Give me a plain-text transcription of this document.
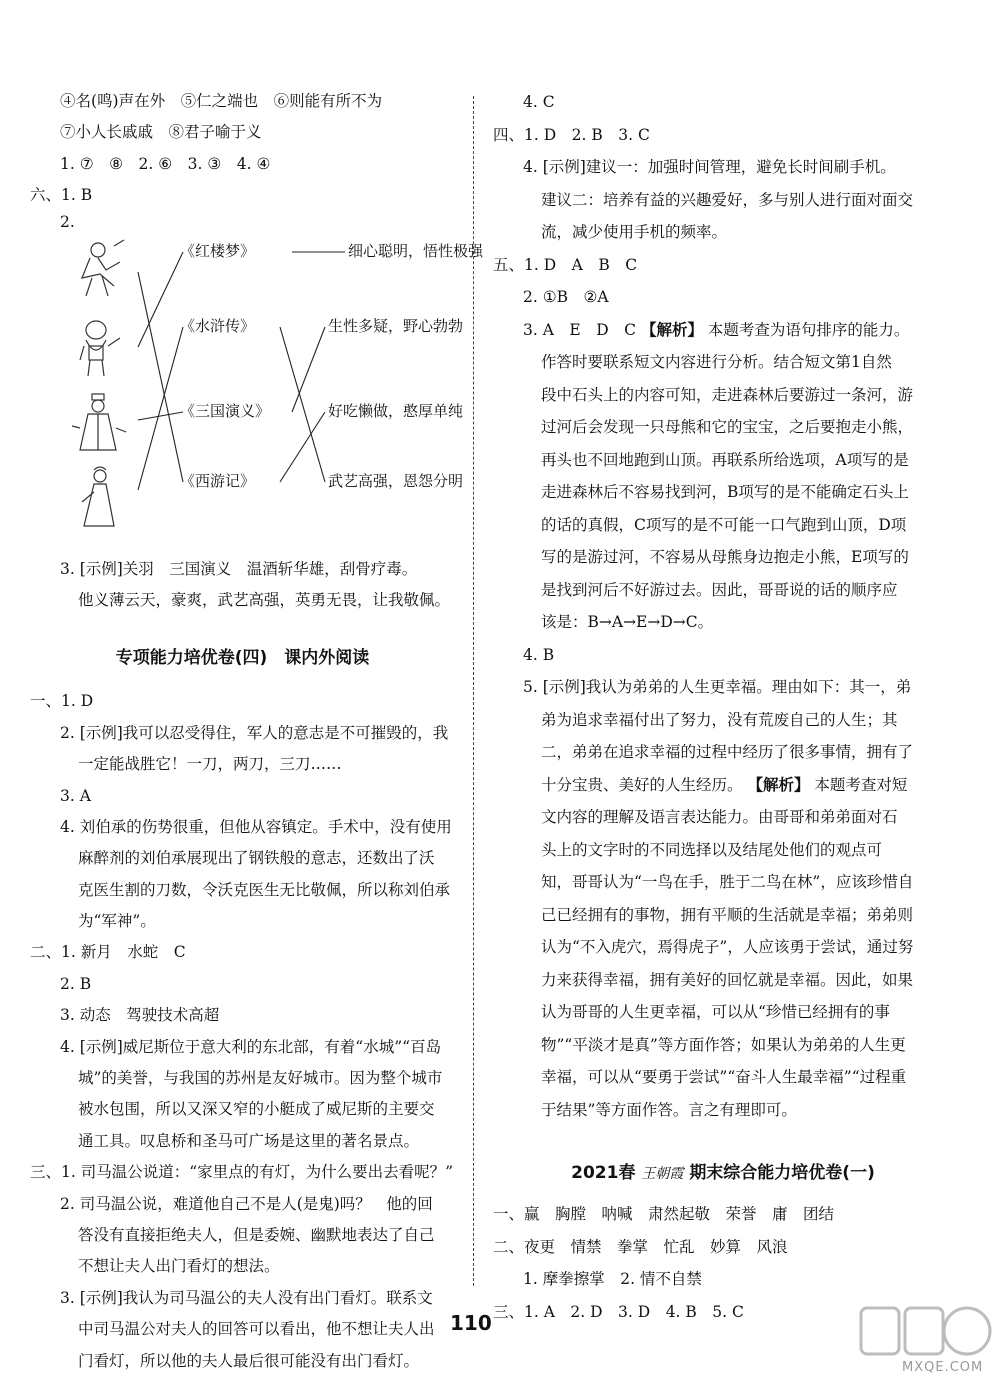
④名(鸣)声在外　⑤仁之端也　⑥则能有所不为
⑦小人长戚戚　⑧君子喻于义
1. ⑦　⑧　2. ⑥　3. ③　4. ④
六、1. B
2.
《红楼梦》
《水浒传》
《三国演义》
《西游记》
细心聪明，悟性极强
生性多疑，野心勃勃
好吃懒做，憨厚单纯
武艺高强，恩怨分明
3. [示例]关羽　三国演义　温酒斩华雄，刮骨疗毒。
他义薄云天，豪爽，武艺高强，英勇无畏，让我敬佩。
专项能力培优卷(四)　课内外阅读
一、1. D
2. [示例]我可以忍受得住，军人的意志是不可摧毁的，我
一定能战胜它！一刀，两刀，三刀……
3. A
4. 刘伯承的伤势很重，但他从容镇定。手术中，没有使用
麻醉剂的刘伯承展现出了钢铁般的意志，还数出了沃
克医生割的刀数，令沃克医生无比敬佩，所以称刘伯承
为“军神”。
二、1. 新月　水蛇　C
2. B
3. 动态　驾驶技术高超
4. [示例]威尼斯位于意大利的东北部，有着“水城”“百岛
城”的美誉，与我国的苏州是友好城市。因为整个城市
被水包围，所以又深又窄的小艇成了威尼斯的主要交
通工具。叹息桥和圣马可广场是这里的著名景点。
三、1. 司马温公说道：“家里点的有灯，为什么要出去看呢？”
2. 司马温公说，难道他自己不是人(是鬼)吗？　他的回
答没有直接拒绝夫人，但是委婉、幽默地表达了自己
不想让夫人出门看灯的想法。
3. [示例]我认为司马温公的夫人没有出门看灯。联系文
中司马温公对夫人的回答可以看出，他不想让夫人出
门看灯，所以他的夫人最后很可能没有出门看灯。
4. C
四、1. D　2. B　3. C
4. [示例]建议一：加强时间管理，避免长时间刷手机。
建议二：培养有益的兴趣爱好，多与别人进行面对面交
流，减少使用手机的频率。
五、1. D　A　B　C
2. ①B　②A
3. A　E　D　C 【解析】 本题考查为语句排序的能力。
作答时要联系短文内容进行分析。结合短文第1自然
段中石头上的内容可知，走进森林后要游过一条河，游
过河后会发现一只母熊和它的宝宝，之后要抱走小熊，
再头也不回地跑到山顶。再联系所给选项，A项写的是
走进森林后不容易找到河，B项写的是不能确定石头上
的话的真假，C项写的是不可能一口气跑到山顶，D项
写的是游过河，不容易从母熊身边抱走小熊，E项写的
是找到河后不好游过去。因此，哥哥说的话的顺序应
该是：B→A→E→D→C。
4. B
5. [示例]我认为弟弟的人生更幸福。理由如下：其一，弟
弟为追求幸福付出了努力，没有荒废自己的人生；其
二，弟弟在追求幸福的过程中经历了很多事情，拥有了
十分宝贵、美好的人生经历。 【解析】 本题考查对短
文内容的理解及语言表达能力。由哥哥和弟弟面对石
头上的文字时的不同选择以及结尾处他们的观点可
知，哥哥认为“一鸟在手，胜于二鸟在林”，应该珍惜自
己已经拥有的事物，拥有平顺的生活就是幸福；弟弟则
认为“不入虎穴，焉得虎子”，人应该勇于尝试，通过努
力来获得幸福，拥有美好的回忆就是幸福。因此，如果
认为哥哥的人生更幸福，可以从“珍惜已经拥有的事
物”“平淡才是真”等方面作答；如果认为弟弟的人生更
幸福，可以从“要勇于尝试”“奋斗人生最幸福”“过程重
于结果”等方面作答。言之有理即可。
2021春 王朝霞 期末综合能力培优卷(一)
一、赢　胸膛　呐喊　肃然起敬　荣誉　庸　团结
二、夜更　情禁　拳掌　忙乱　妙算　风浪
1. 摩拳擦掌　2. 情不自禁
三、1. A　2. D　3. D　4. B　5. C
110
MXQE.COM
